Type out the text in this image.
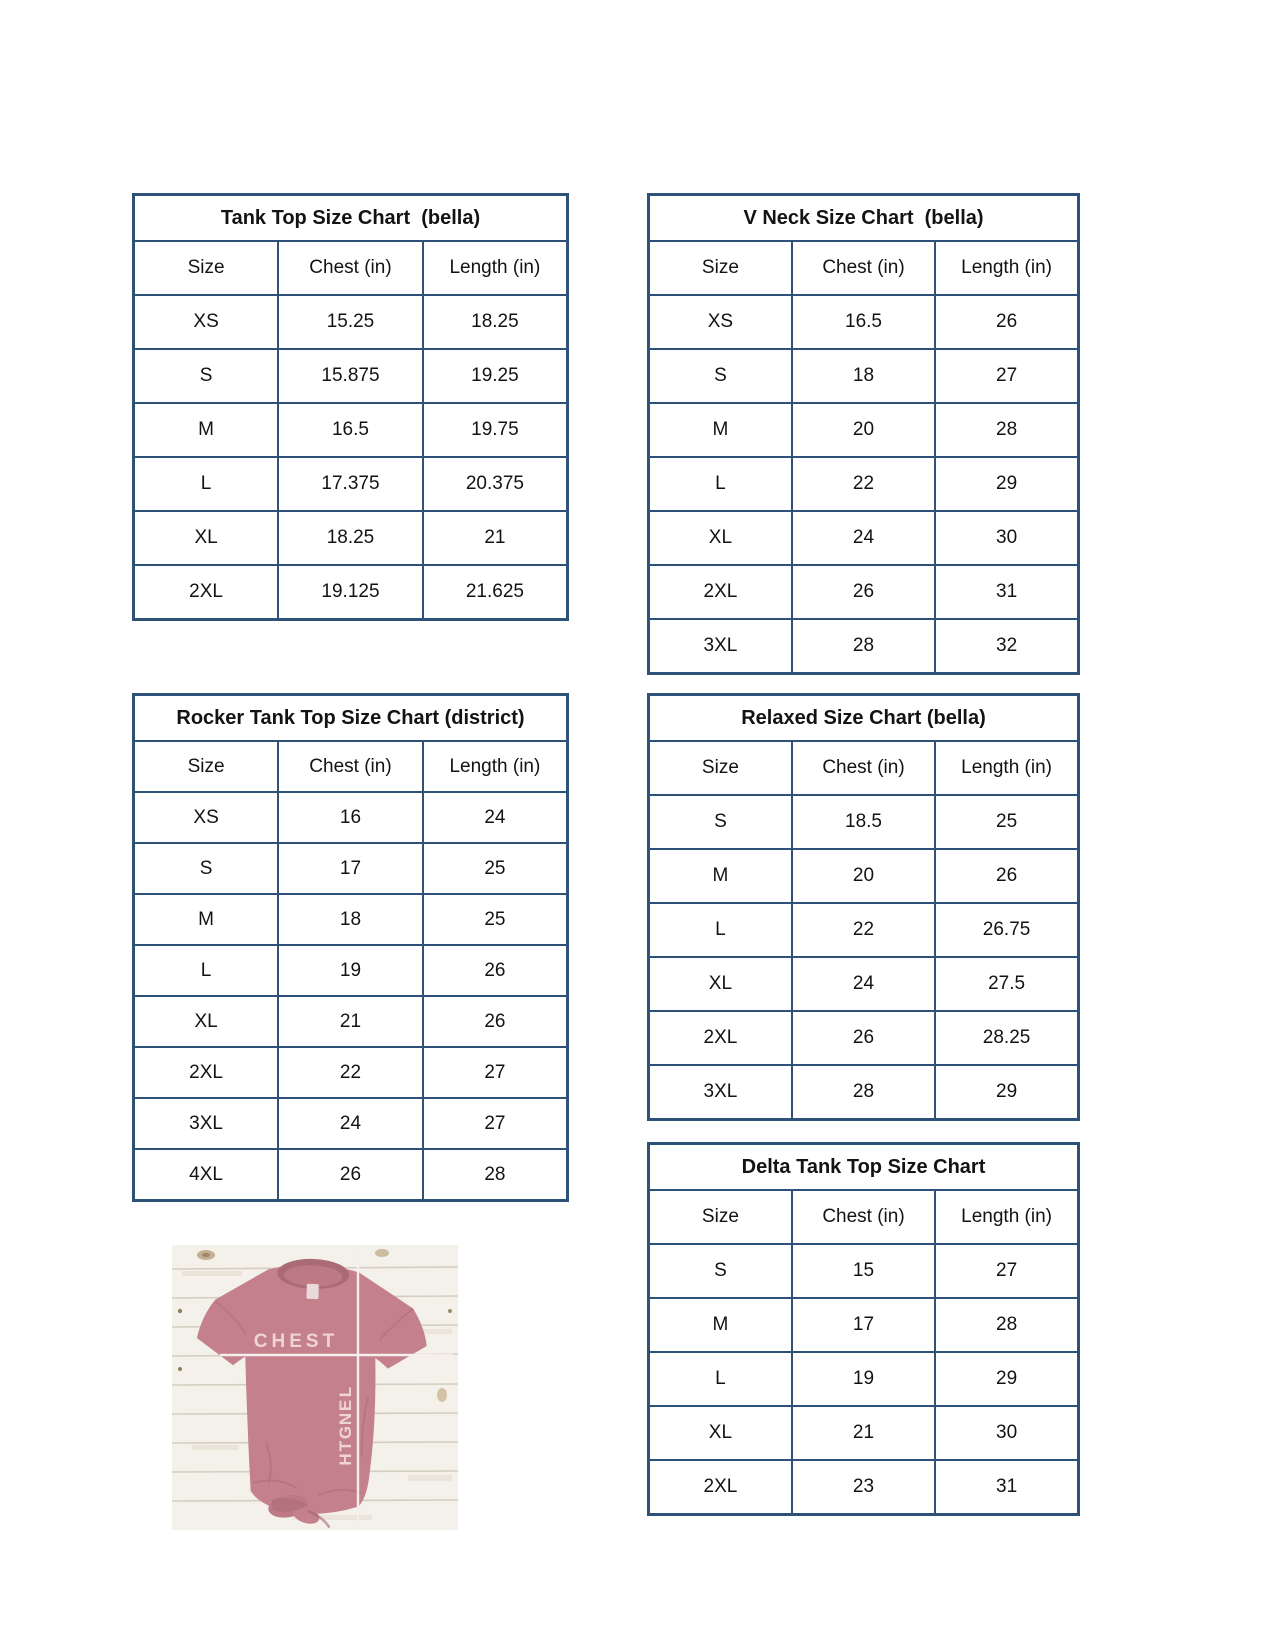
Tank Top Size Chart  (bella)		
Size	Chest (in)	Length (in)
XS	15.25	18.25
S	15.875	19.25
M	16.5	19.75
L	17.375	20.375
XL	18.25	21
2XL	19.125	21.625
V Neck Size Chart  (bella)		
Size	Chest (in)	Length (in)
XS	16.5	26
S	18	27
M	20	28
L	22	29
XL	24	30
2XL	26	31
3XL	28	32
Rocker Tank Top Size Chart (district)		
Size	Chest (in)	Length (in)
XS	16	24
S	17	25
M	18	25
L	19	26
XL	21	26
2XL	22	27
3XL	24	27
4XL	26	28
Relaxed Size Chart (bella)		
Size	Chest (in)	Length (in)
S	18.5	25
M	20	26
L	22	26.75
XL	24	27.5
2XL	26	28.25
3XL	28	29
Delta Tank Top Size Chart		
Size	Chest (in)	Length (in)
S	15	27
M	17	28
L	19	29
XL	21	30
2XL	23	31
CHEST
L
E
N
G
T
H
